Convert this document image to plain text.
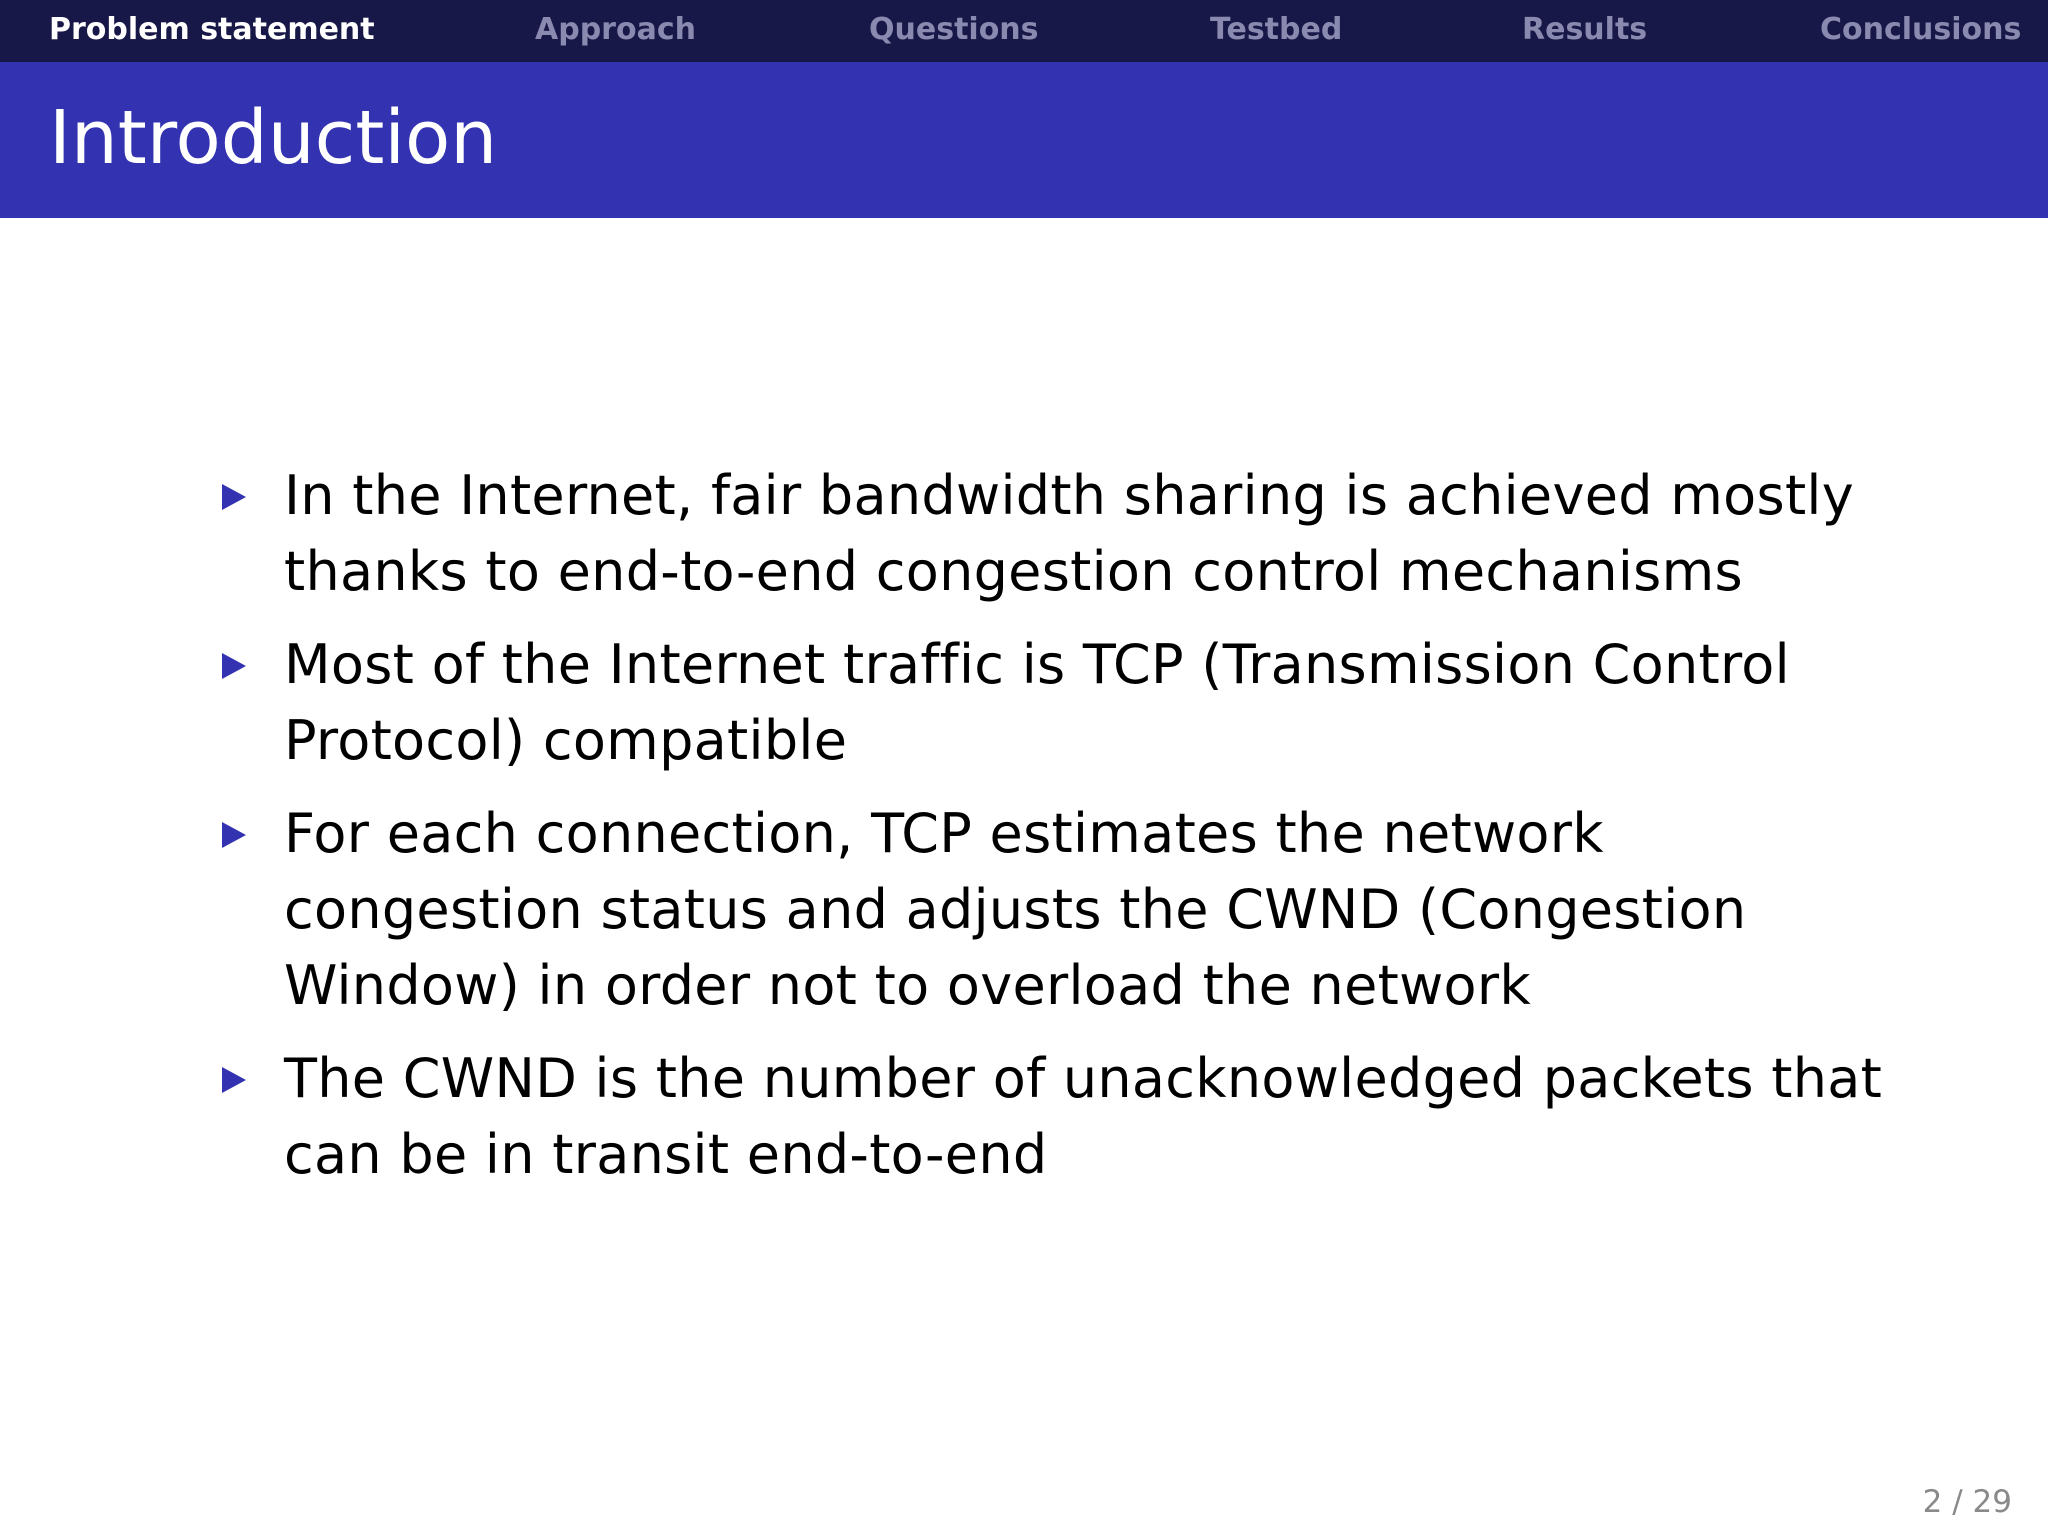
Problem statement	Approach	Questions	Testbed	Results	Conclusions
Introduction
In the Internet, fair bandwidth sharing is achieved mostly thanks to end-to-end congestion control mechanisms
Most of the Internet traffic is TCP (Transmission Control Protocol) compatible
For each connection, TCP estimates the network congestion status and adjusts the CWND (Congestion Window) in order not to overload the network
The CWND is the number of unacknowledged packets that can be in transit end-to-end
2 / 29
